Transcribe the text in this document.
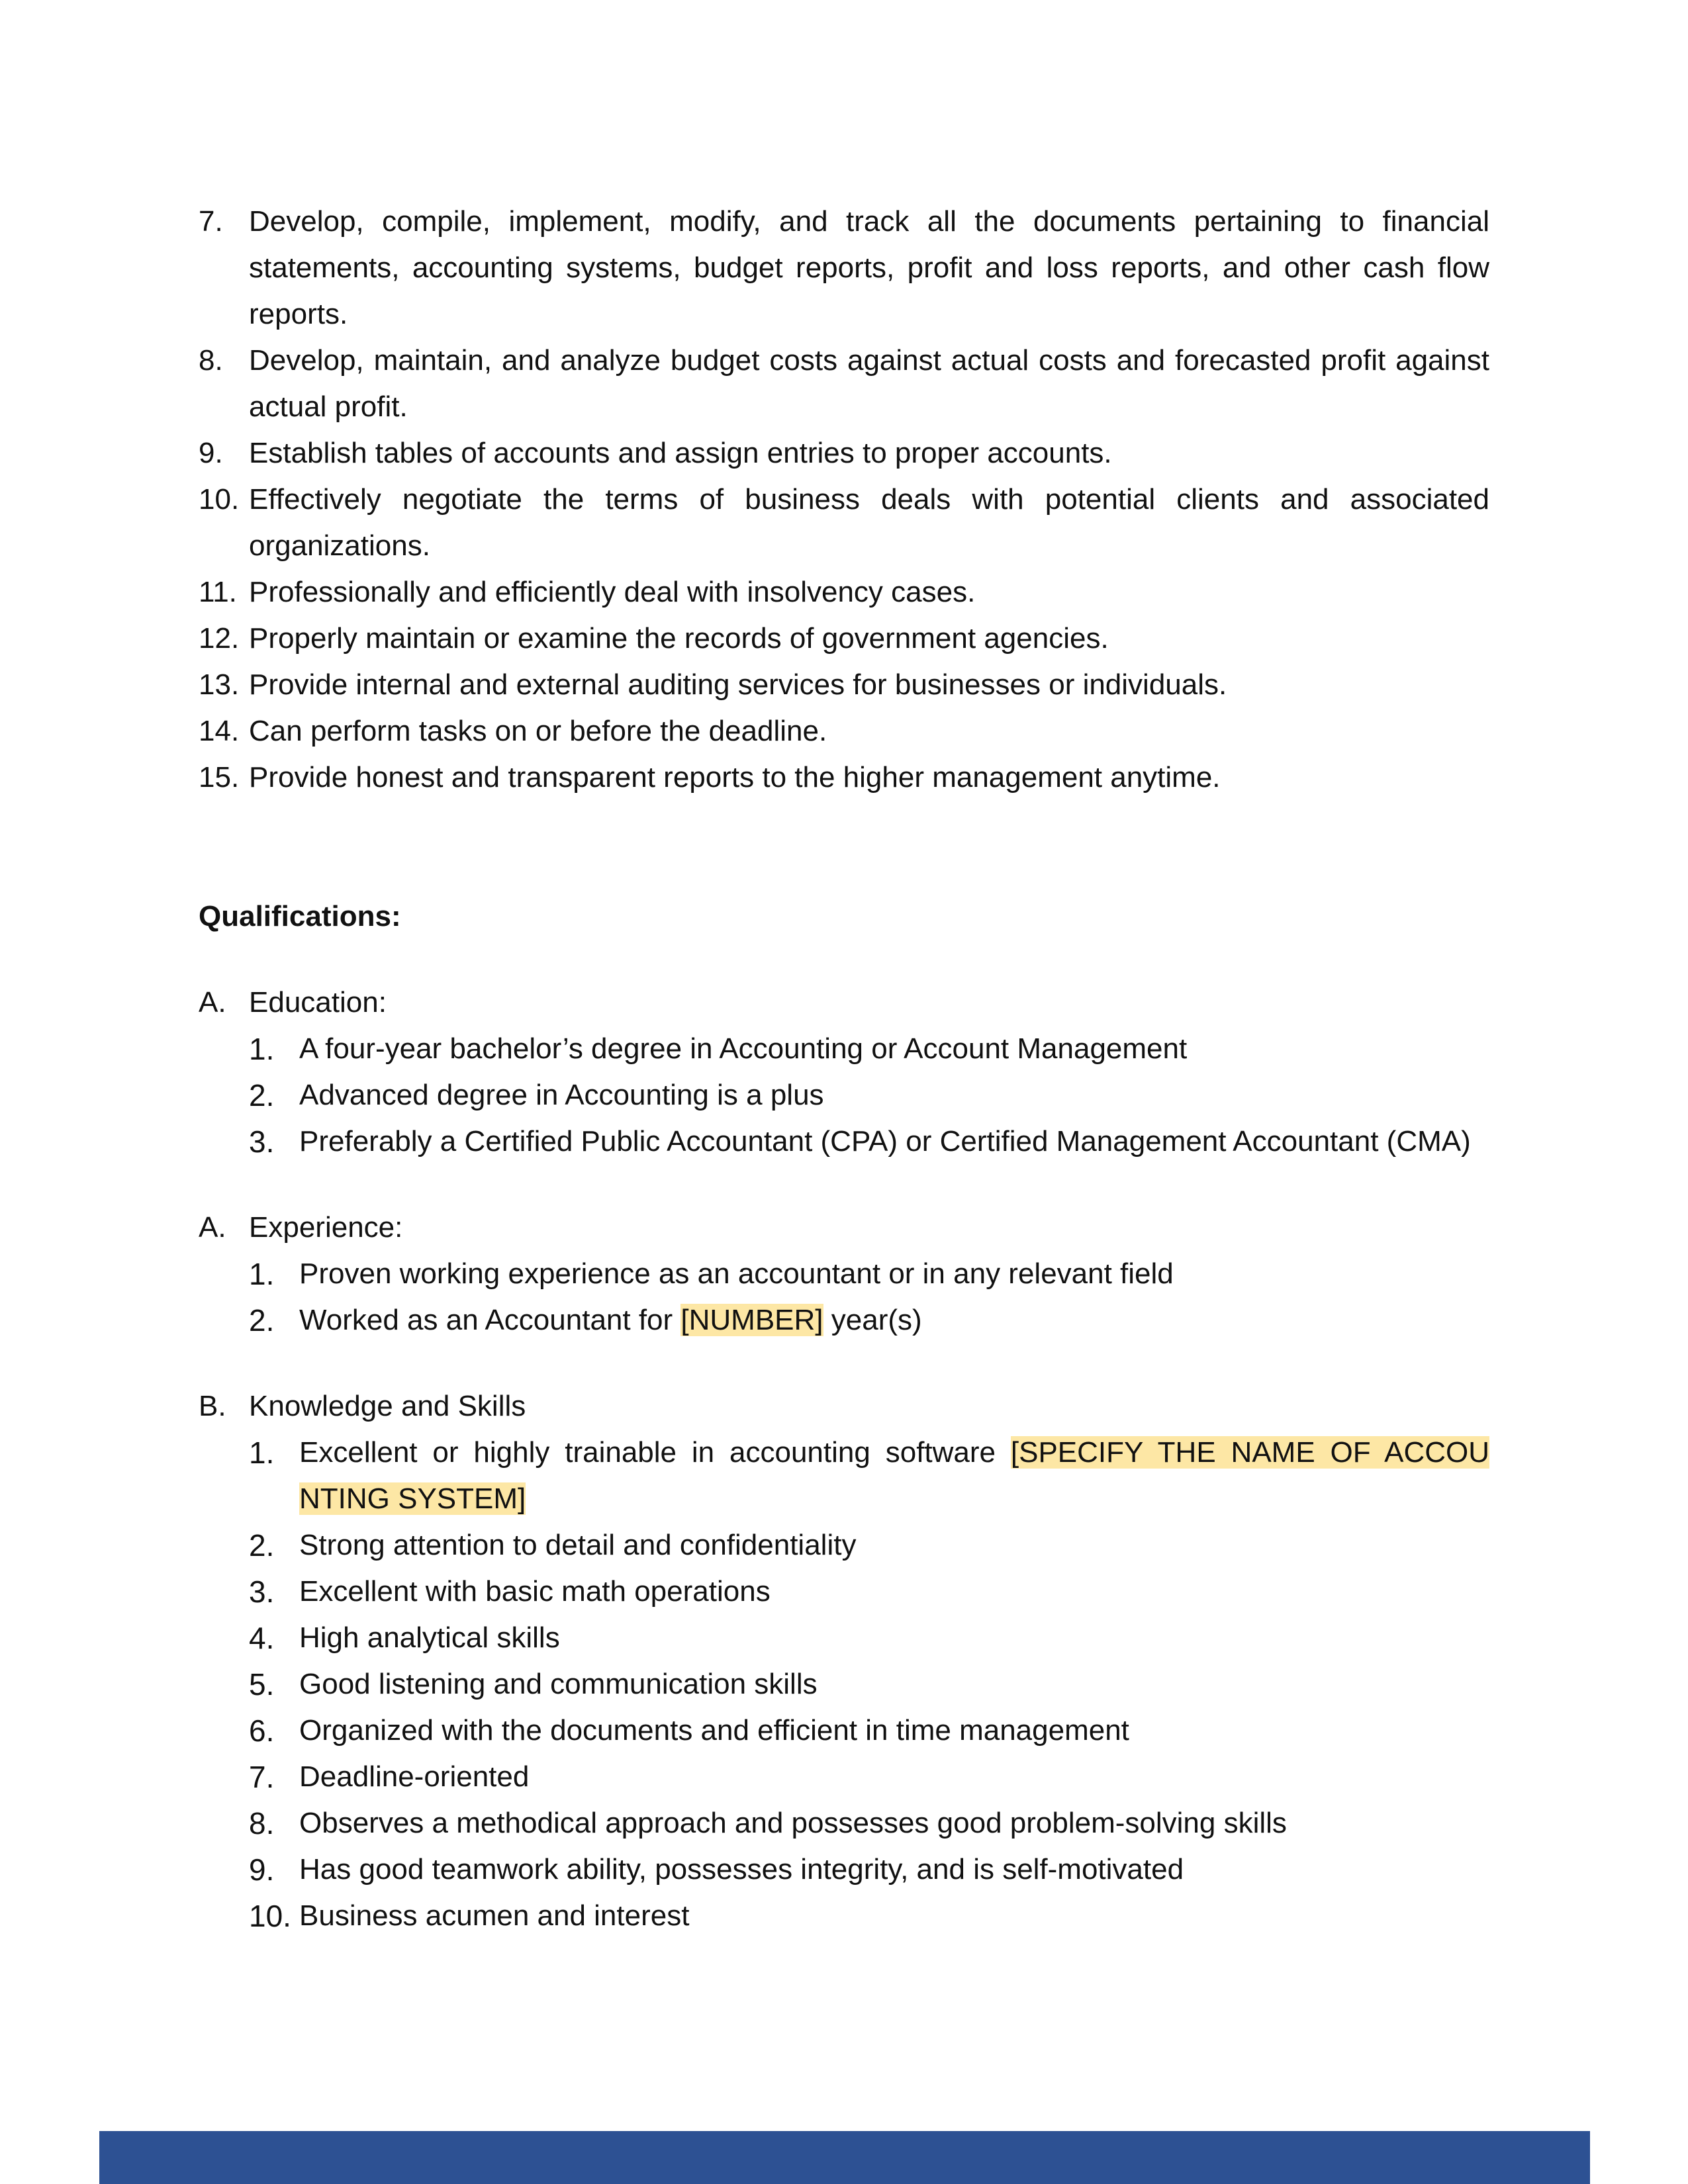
7. Develop, compile, implement, modify, and track all the documents pertaining to financial statements, accounting systems, budget reports, profit and loss reports, and other cash flow reports.
8. Develop, maintain, and analyze budget costs against actual costs and forecasted profit against actual profit.
9. Establish tables of accounts and assign entries to proper accounts.
10. Effectively negotiate the terms of business deals with potential clients and associated organizations.
11. Professionally and efficiently deal with insolvency cases.
12. Properly maintain or examine the records of government agencies.
13. Provide internal and external auditing services for businesses or individuals.
14. Can perform tasks on or before the deadline.
15. Provide honest and transparent reports to the higher management anytime.
Qualifications:
A. Education:
1. A four-year bachelor’s degree in Accounting or Account Management
2. Advanced degree in Accounting is a plus
3. Preferably a Certified Public Accountant (CPA) or Certified Management Accountant (CMA)
A. Experience:
1. Proven working experience as an accountant or in any relevant field
2. Worked as an Accountant for [NUMBER] year(s)
B. Knowledge and Skills
1. Excellent or highly trainable in accounting software [SPECIFY THE NAME OF ACCOU NTING SYSTEM]
2. Strong attention to detail and confidentiality
3. Excellent with basic math operations
4. High analytical skills
5. Good listening and communication skills
6. Organized with the documents and efficient in time management
7. Deadline-oriented
8. Observes a methodical approach and possesses good problem-solving skills
9. Has good teamwork ability, possesses integrity, and is self-motivated
10. Business acumen and interest
